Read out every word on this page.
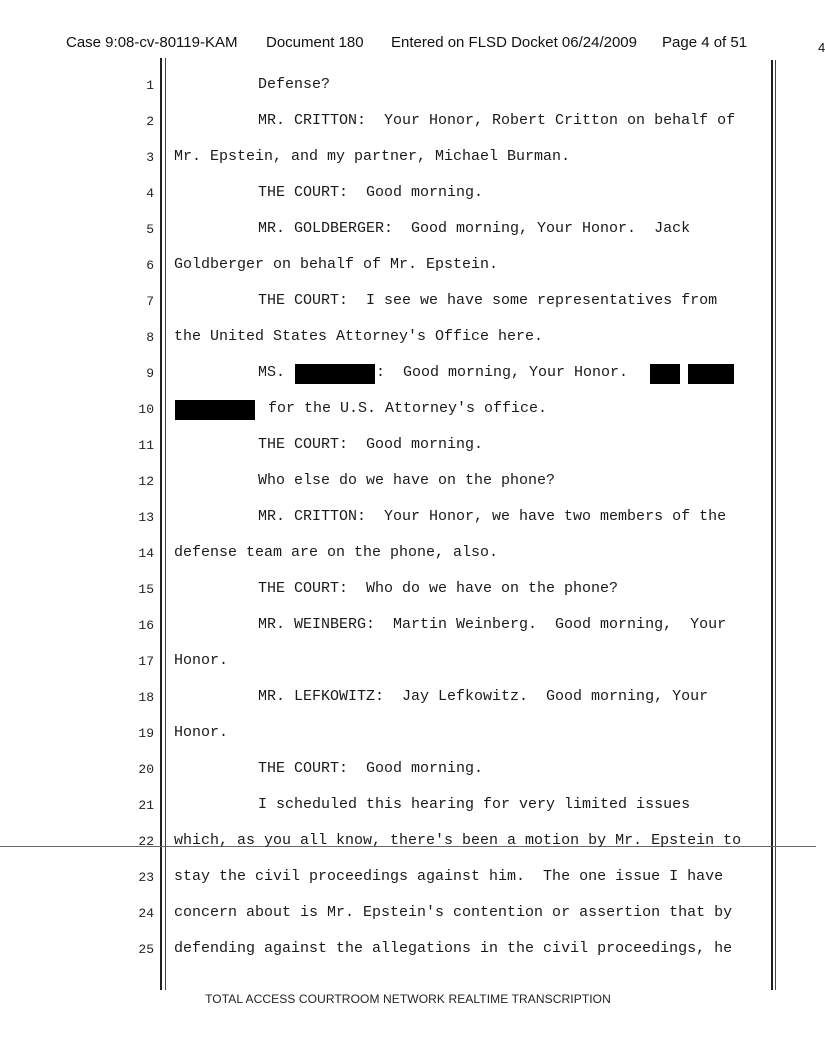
Case 9:08-cv-80119-KAM Document 180 Entered on FLSD Docket 06/24/2009 Page 4 of 51	4
1	Defense?
2	MR. CRITTON:  Your Honor, Robert Critton on behalf of
3 Mr. Epstein, and my partner, Michael Burman.
4	THE COURT:  Good morning.
5	MR. GOLDBERGER:  Good morning, Your Honor.  Jack
6 Goldberger on behalf of Mr. Epstein.
7	THE COURT:  I see we have some representatives from
8 the United States Attorney's Office here.
9	MS.	:  Good morning, Your Honor.
10	for the U.S. Attorney's office.
11	THE COURT:  Good morning.
12	Who else do we have on the phone?
13	MR. CRITTON:  Your Honor, we have two members of the
14 defense team are on the phone, also.
15	THE COURT:  Who do we have on the phone?
16	MR. WEINBERG:  Martin Weinberg.  Good morning,  Your
17 Honor.
18	MR. LEFKOWITZ:  Jay Lefkowitz.  Good morning, Your
19 Honor.
20	THE COURT:  Good morning.
21	I scheduled this hearing for very limited issues
22 which, as you all know, there's been a motion by Mr. Epstein to
23 stay the civil proceedings against him.  The one issue I have
24 concern about is Mr. Epstein's contention or assertion that by
25 defending against the allegations in the civil proceedings, he
TOTAL ACCESS COURTROOM NETWORK REALTIME TRANSCRIPTION
